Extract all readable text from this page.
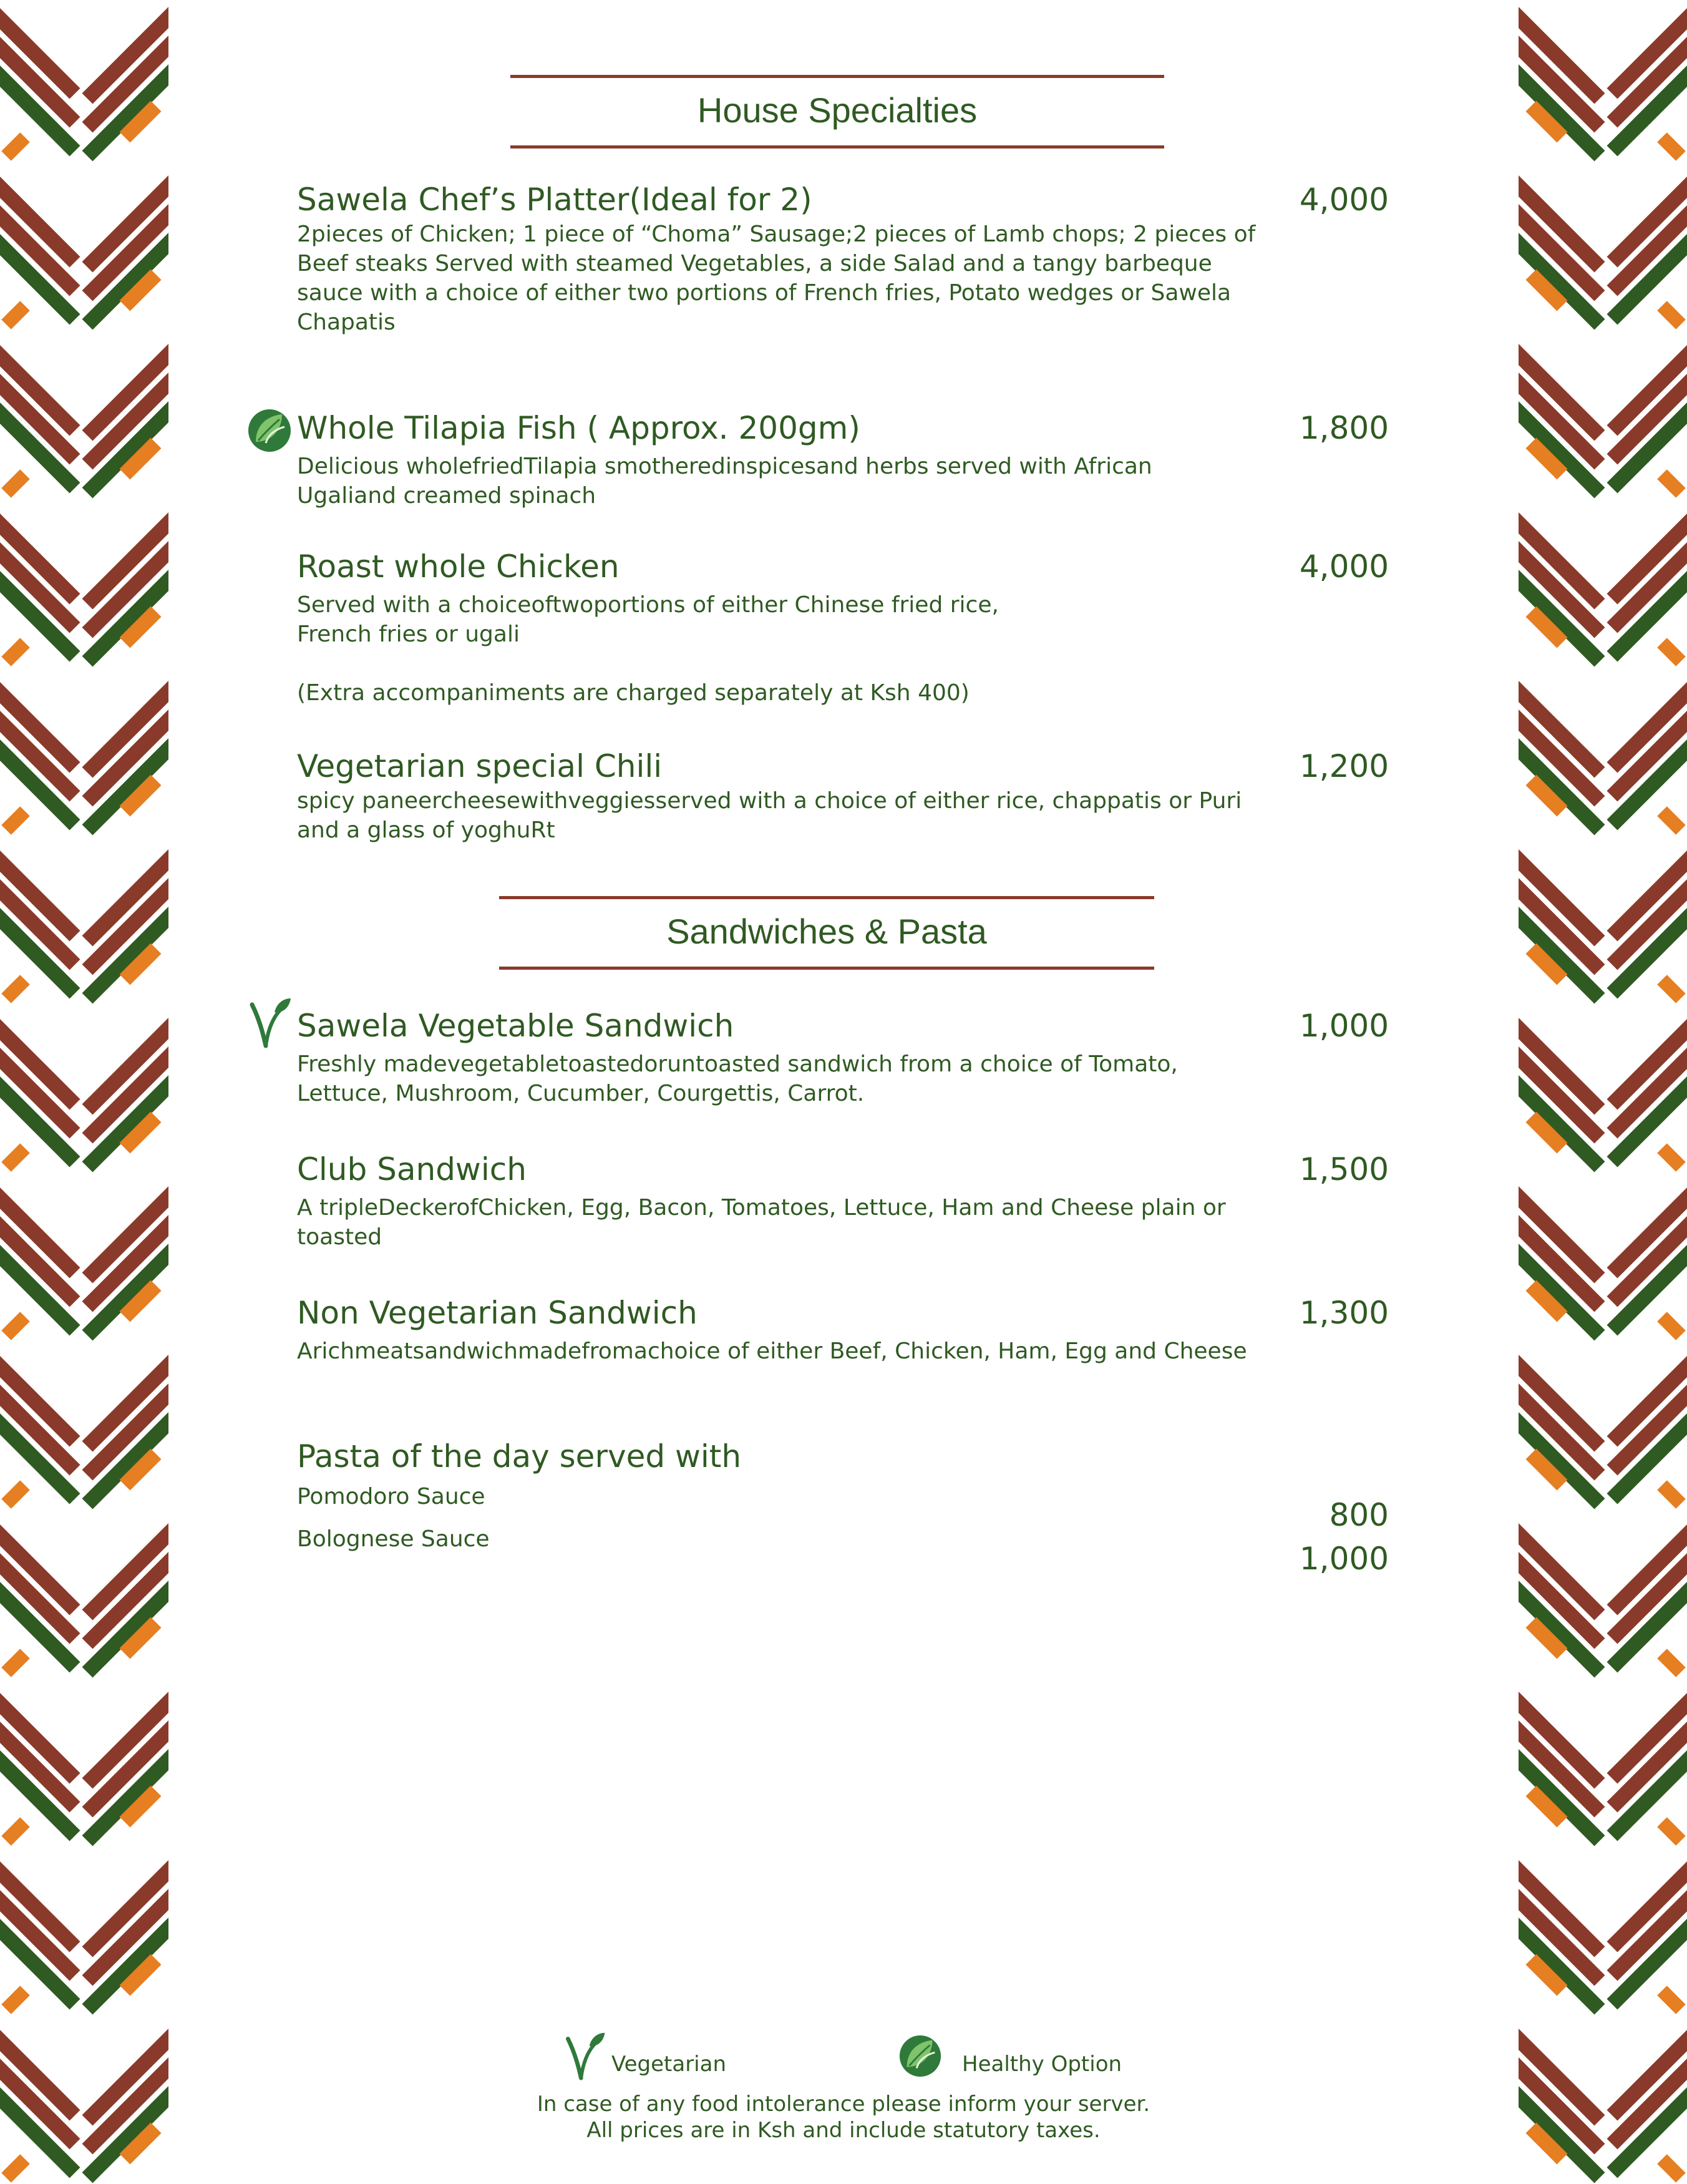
House Specialties
Sawela Chef’s Platter(Ideal for 2)
2pieces of Chicken; 1 piece of “Choma” Sausage;2 pieces of Lamb chops; 2 pieces of Beef steaks Served with steamed Vegetables, a side Salad and a tangy barbeque sauce with a choice of either two portions of French fries, Potato wedges or Sawela Chapatis
4,000
Whole Tilapia Fish ( Approx. 200gm)
Delicious wholefriedTilapia smotheredinspicesand herbs served with African Ugaliand creamed spinach
1,800
Roast whole Chicken
Served with a choiceoftwoportions of either Chinese fried rice, French fries or ugali
(Extra accompaniments are charged separately at Ksh 400)
4,000
Vegetarian special Chili
spicy paneercheesewithveggiesserved with a choice of either rice, chappatis or Puri and a glass of yoghuRt
1,200
Sandwiches & Pasta
Sawela Vegetable Sandwich
Freshly madevegetabletoastedoruntoasted sandwich from a choice of Tomato, Lettuce, Mushroom, Cucumber, Courgettis, Carrot.
1,000
Club Sandwich
A tripleDeckerofChicken, Egg, Bacon, Tomatoes, Lettuce, Ham and Cheese plain or toasted
1,500
Non Vegetarian Sandwich
Arichmeatsandwichmadefromachoice of either Beef, Chicken, Ham, Egg and Cheese
1,300
Pasta of the day served with
Pomodoro Sauce
Bolognese Sauce
800
1,000
Vegetarian	Healthy Option
In case of any food intolerance please inform your server.
All prices are in Ksh and include statutory taxes.
